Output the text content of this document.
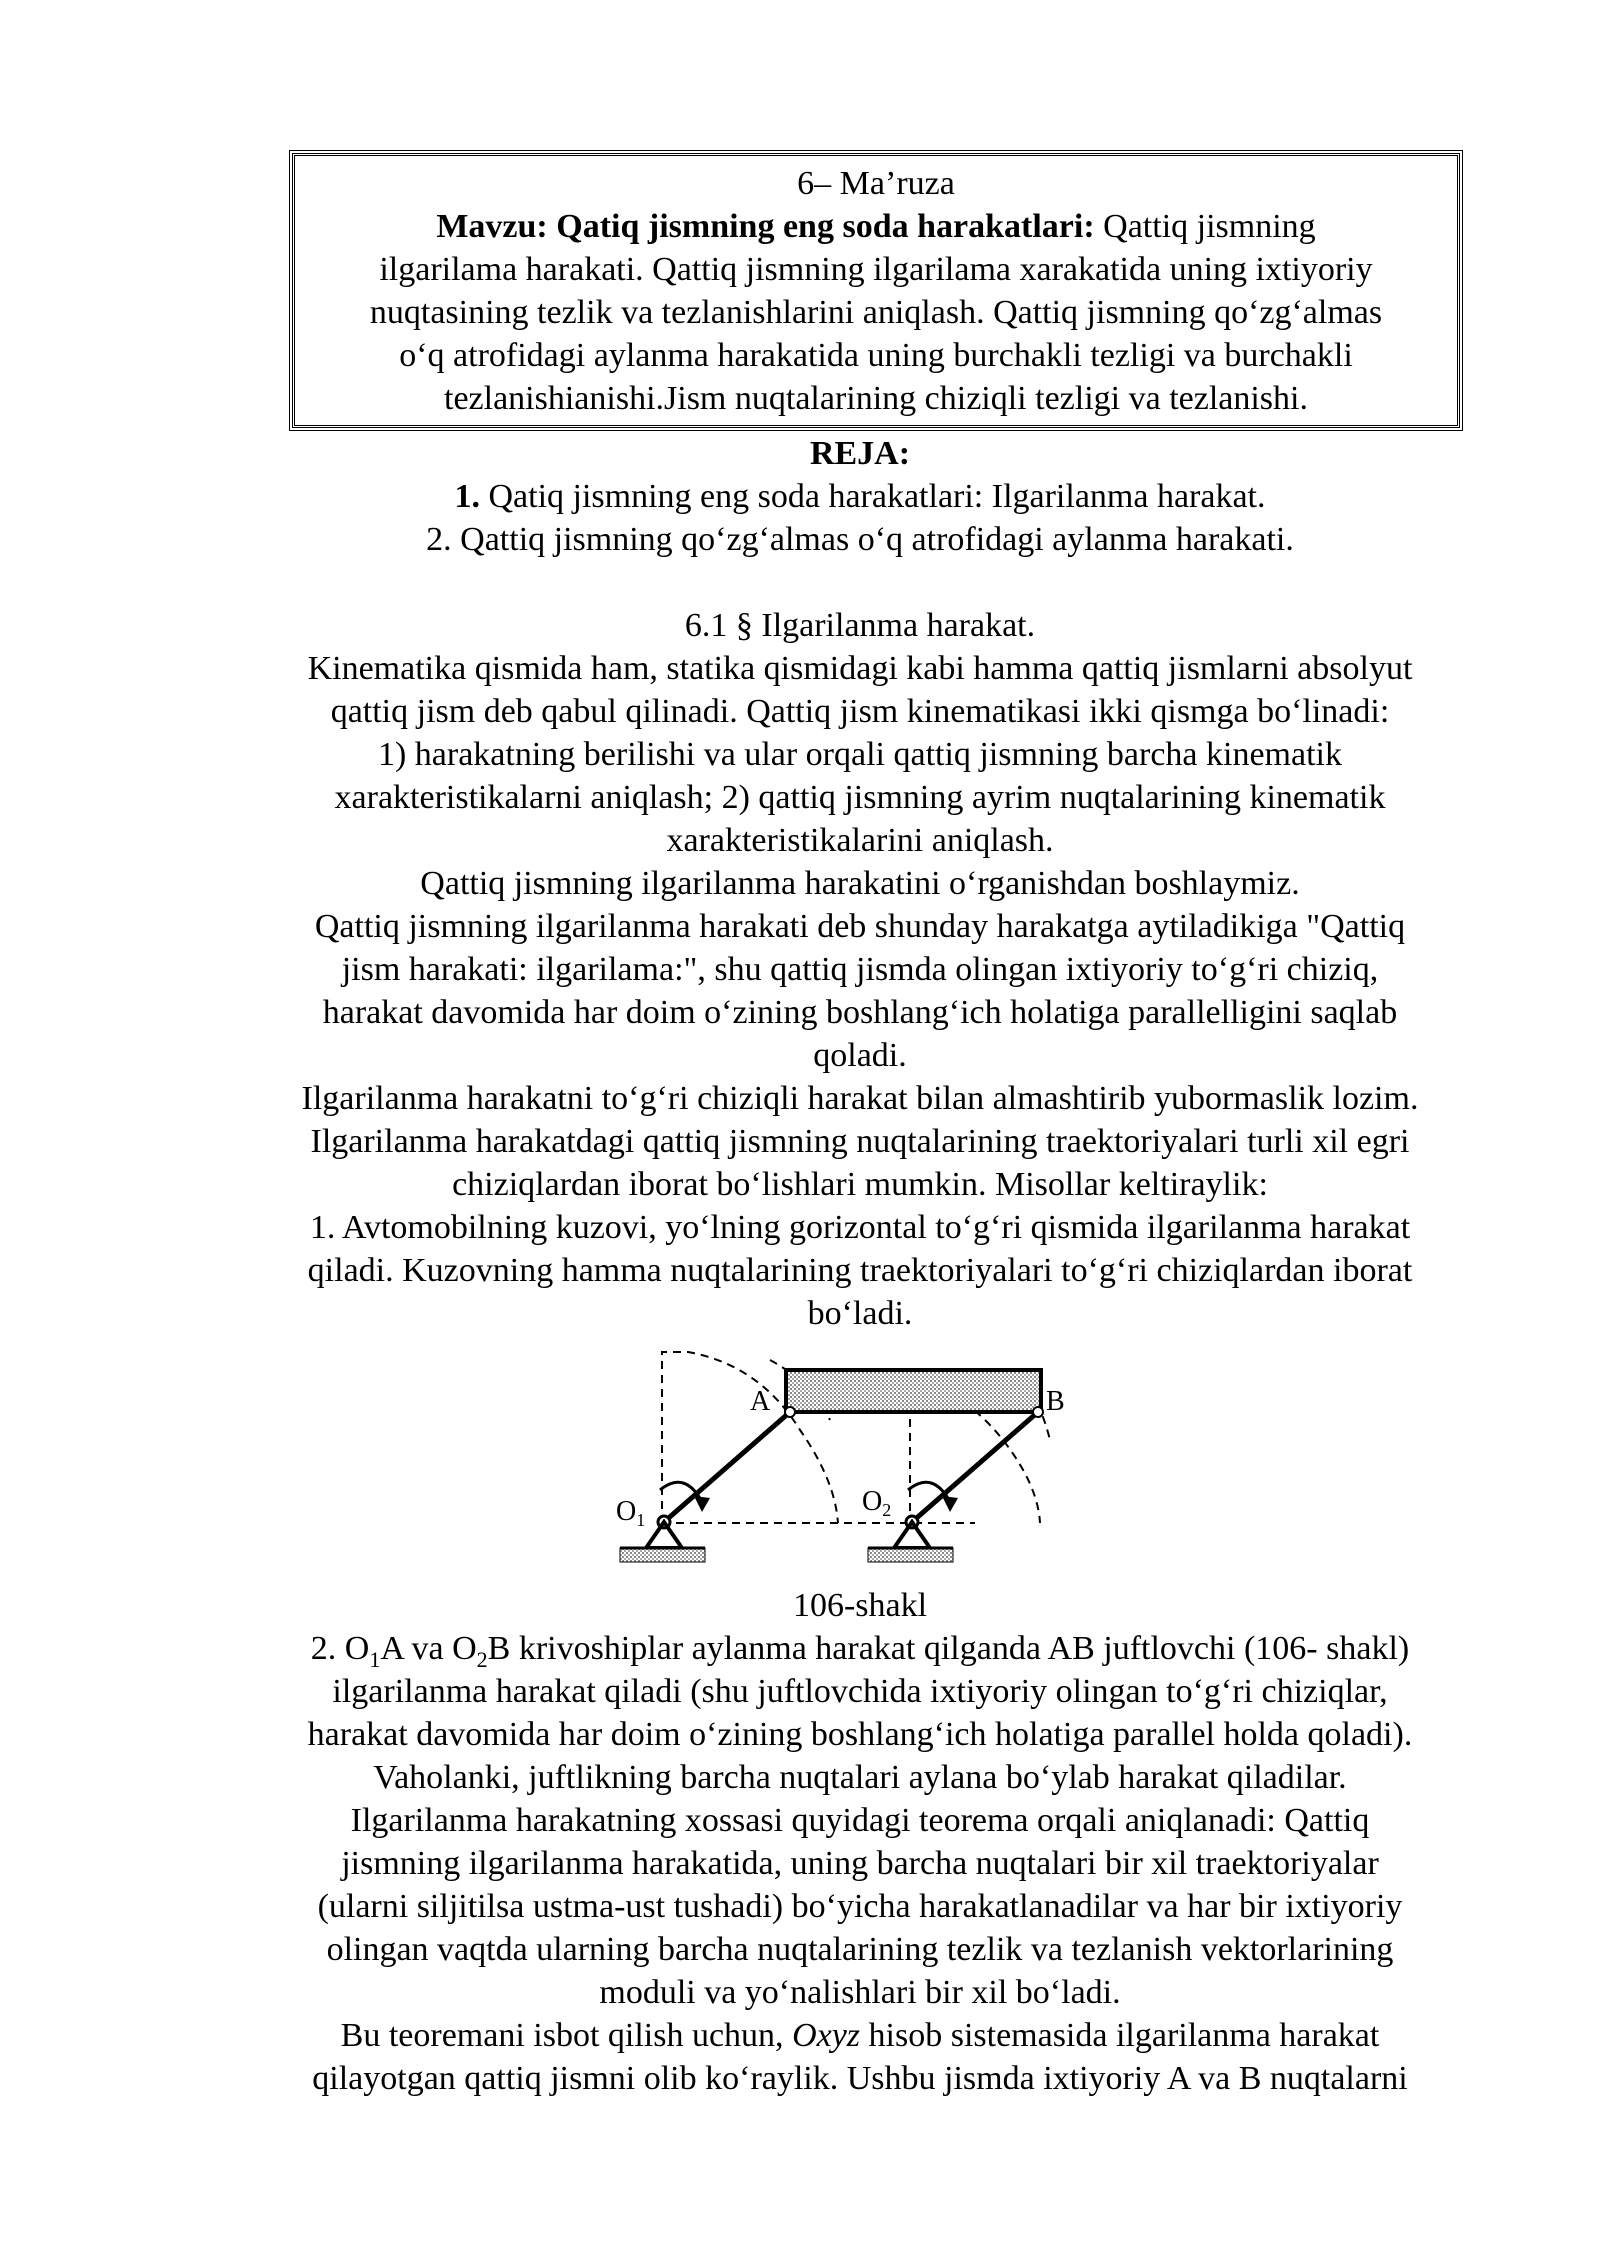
6– Ma’ruza
Mavzu: Qatiq jismning eng soda harakatlari: Qattiq jismning
ilgarilama harakati. Qattiq jismning ilgarilama xarakatida uning ixtiyoriy
nuqtasining tezlik va tezlanishlarini aniqlash. Qattiq jismning qo‘zg‘almas
o‘q atrofidagi aylanma harakatida uning burchakli tezligi va burchakli
tezlanishianishi.Jism nuqtalarining chiziqli tezligi va tezlanishi.
REJA:
1. Qatiq jismning eng soda harakatlari: Ilgarilanma harakat.
2. Qattiq jismning qo‘zg‘almas o‘q atrofidagi aylanma harakati.
6.1 § Ilgarilanma harakat.
Kinematika qismida ham, statika qismidagi kabi hamma qattiq jismlarni absolyut
qattiq jism deb qabul qilinadi. Qattiq jism kinematikasi ikki qismga bo‘linadi:
1) harakatning berilishi va ular orqali qattiq jismning barcha kinematik
xarakteristikalarni aniqlash; 2) qattiq jismning ayrim nuqtalarining kinematik
xarakteristikalarini aniqlash.
Qattiq jismning ilgarilanma harakatini o‘rganishdan boshlaymiz.
Qattiq jismning ilgarilanma harakati deb shunday harakatga aytiladikiga "Qattiq
jism harakati: ilgarilama:", shu qattiq jismda olingan ixtiyoriy to‘g‘ri chiziq,
harakat davomida har doim o‘zining boshlang‘ich holatiga parallelligini saqlab
qoladi.
Ilgarilanma harakatni to‘g‘ri chiziqli harakat bilan almashtirib yubormaslik lozim.
Ilgarilanma harakatdagi qattiq jismning nuqtalarining traektoriyalari turli xil egri
chiziqlardan iborat bo‘lishlari mumkin. Misollar keltiraylik:
1. Avtomobilning kuzovi, yo‘lning gorizontal to‘g‘ri qismida ilgarilanma harakat
qiladi. Kuzovning hamma nuqtalarining traektoriyalari to‘g‘ri chiziqlardan iborat
bo‘ladi.
A	B
$O_1$
$O_2$
106-shakl
2. $O_1A$ va $O_2B$ krivoshiplar aylanma harakat qilganda AB juftlovchi (106- shakl)
ilgarilanma harakat qiladi (shu juftlovchida ixtiyoriy olingan to‘g‘ri chiziqlar,
harakat davomida har doim o‘zining boshlang‘ich holatiga parallel holda qoladi).
Vaholanki, juftlikning barcha nuqtalari aylana bo‘ylab harakat qiladilar.
Ilgarilanma harakatning xossasi quyidagi teorema orqali aniqlanadi: Qattiq
jismning ilgarilanma harakatida, uning barcha nuqtalari bir xil traektoriyalar
(ularni siljitilsa ustma-ust tushadi) bo‘yicha harakatlanadilar va har bir ixtiyoriy
olingan vaqtda ularning barcha nuqtalarining tezlik va tezlanish vektorlarining
moduli va yo‘nalishlari bir xil bo‘ladi.
Bu teoremani isbot qilish uchun, Oxyz hisob sistemasida ilgarilanma harakat
qilayotgan qattiq jismni olib ko‘raylik. Ushbu jismda ixtiyoriy A va B nuqtalarni
